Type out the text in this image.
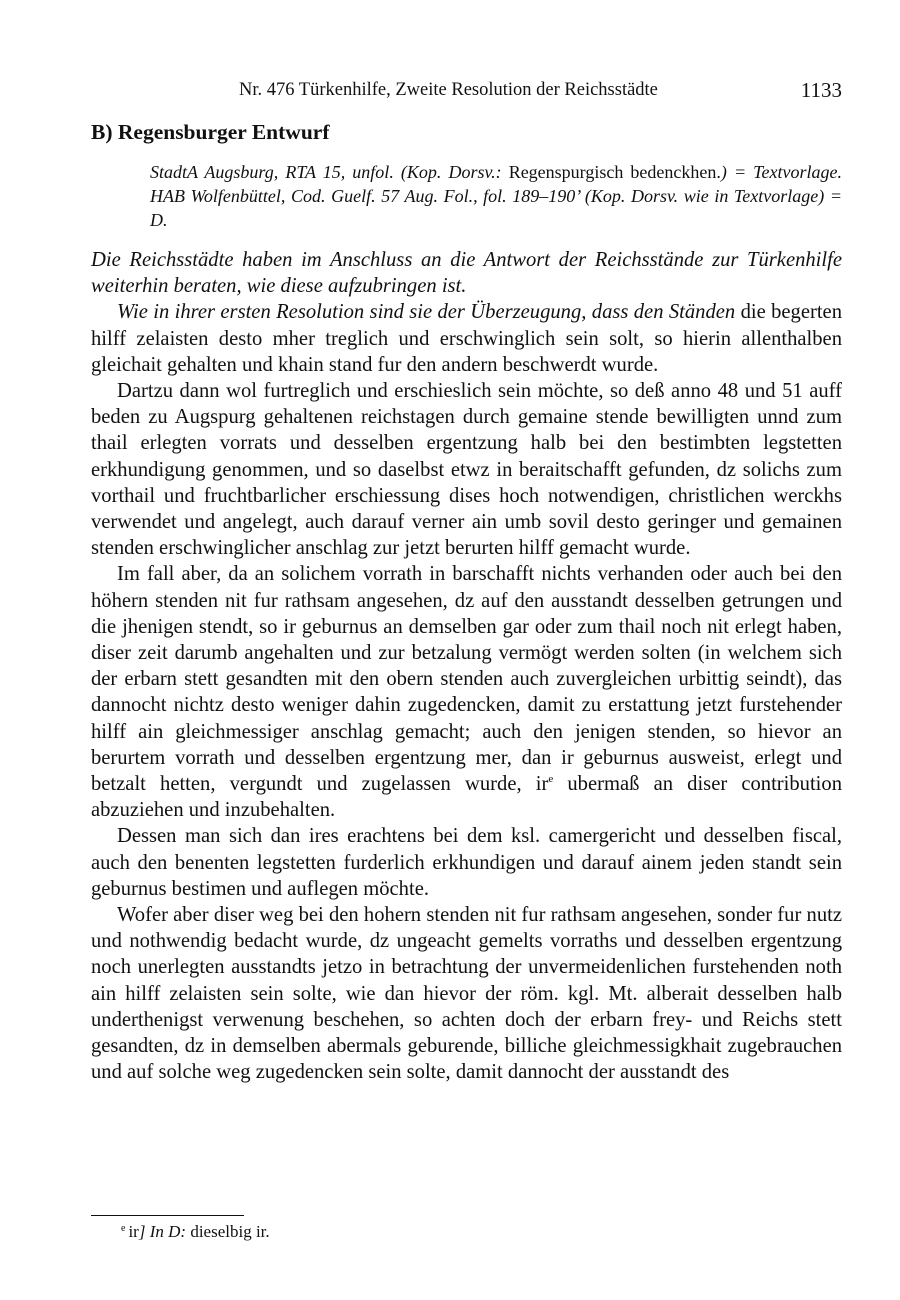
Nr. 476 Türkenhilfe, Zweite Resolution der Reichsstädte	1133
B) Regensburger Entwurf
StadtA Augsburg, RTA 15, unfol. (Kop. Dorsv.: Regenspurgisch bedenckhen.) = Textvorlage. HAB Wolfenbüttel, Cod. Guelf. 57 Aug. Fol., fol. 189–190’ (Kop. Dorsv. wie in Textvorlage) = D.

Die Reichsstädte haben im Anschluss an die Antwort der Reichsstände zur Türkenhilfe weiterhin beraten, wie diese aufzubringen ist.

Wie in ihrer ersten Resolution sind sie der Überzeugung, dass den Ständen die begerten hilff zelaisten desto mher treglich und erschwinglich sein solt, so hierin allenthalben gleichait gehalten und khain stand fur den andern beschwerdt wurde.

Dartzu dann wol furtreglich und erschieslich sein möchte, so deß anno 48 und 51 auff beden zu Augspurg gehaltenen reichstagen durch gemaine stende bewilligten unnd zum thail erlegten vorrats und desselben ergentzung halb bei den bestimbten legstetten erkhundigung genommen, und so daselbst etwz in beraitschafft gefunden, dz solichs zum vorthail und fruchtbarlicher erschiessung dises hoch notwendigen, christlichen werckhs verwendet und angelegt, auch darauf verner ain umb sovil desto geringer und gemainen stenden erschwinglicher anschlag zur jetzt berurten hilff gemacht wurde.

Im fall aber, da an solichem vorrath in barschafft nichts verhanden oder auch bei den höhern stenden nit fur rathsam angesehen, dz auf den ausstandt desselben getrungen und die jhenigen stendt, so ir geburnus an demselben gar oder zum thail noch nit erlegt haben, diser zeit darumb angehalten und zur betzalung vermögt werden solten (in welchem sich der erbarn stett gesandten mit den obern stenden auch zuvergleichen urbittig seindt), das dannocht nichtz desto weniger dahin zugedencken, damit zu erstattung jetzt furstehender hilff ain gleichmessiger anschlag gemacht; auch den jenigen stenden, so hievor an berurtem vorrath und desselben ergentzung mer, dan ir geburnus ausweist, erlegt und betzalt hetten, vergundt und zugelassen wurde, ir$^e$ ubermaß an diser contribution abzuziehen und inzubehalten.

Dessen man sich dan ires erachtens bei dem ksl. camergericht und desselben fiscal, auch den benenten legstetten furderlich erkhundigen und darauf ainem jeden standt sein geburnus bestimen und auflegen möchte.

Wofer aber diser weg bei den hohern stenden nit fur rathsam angesehen, sonder fur nutz und nothwendig bedacht wurde, dz ungeacht gemelts vorraths und desselben ergentzung noch unerlegten ausstandts jetzo in betrachtung der unvermeidenlichen furstehenden noth ain hilff zelaisten sein solte, wie dan hievor der röm. kgl. Mt. alberait desselben halb underthenigst verwenung beschehen, so achten doch der erbarn frey- und Reichs stett gesandten, dz in demselben abermals geburende, billiche gleichmessigkhait zugebrauchen und auf solche weg zugedencken sein solte, damit dannocht der ausstandt des

$^e$ ir] In D: dieselbig ir.
